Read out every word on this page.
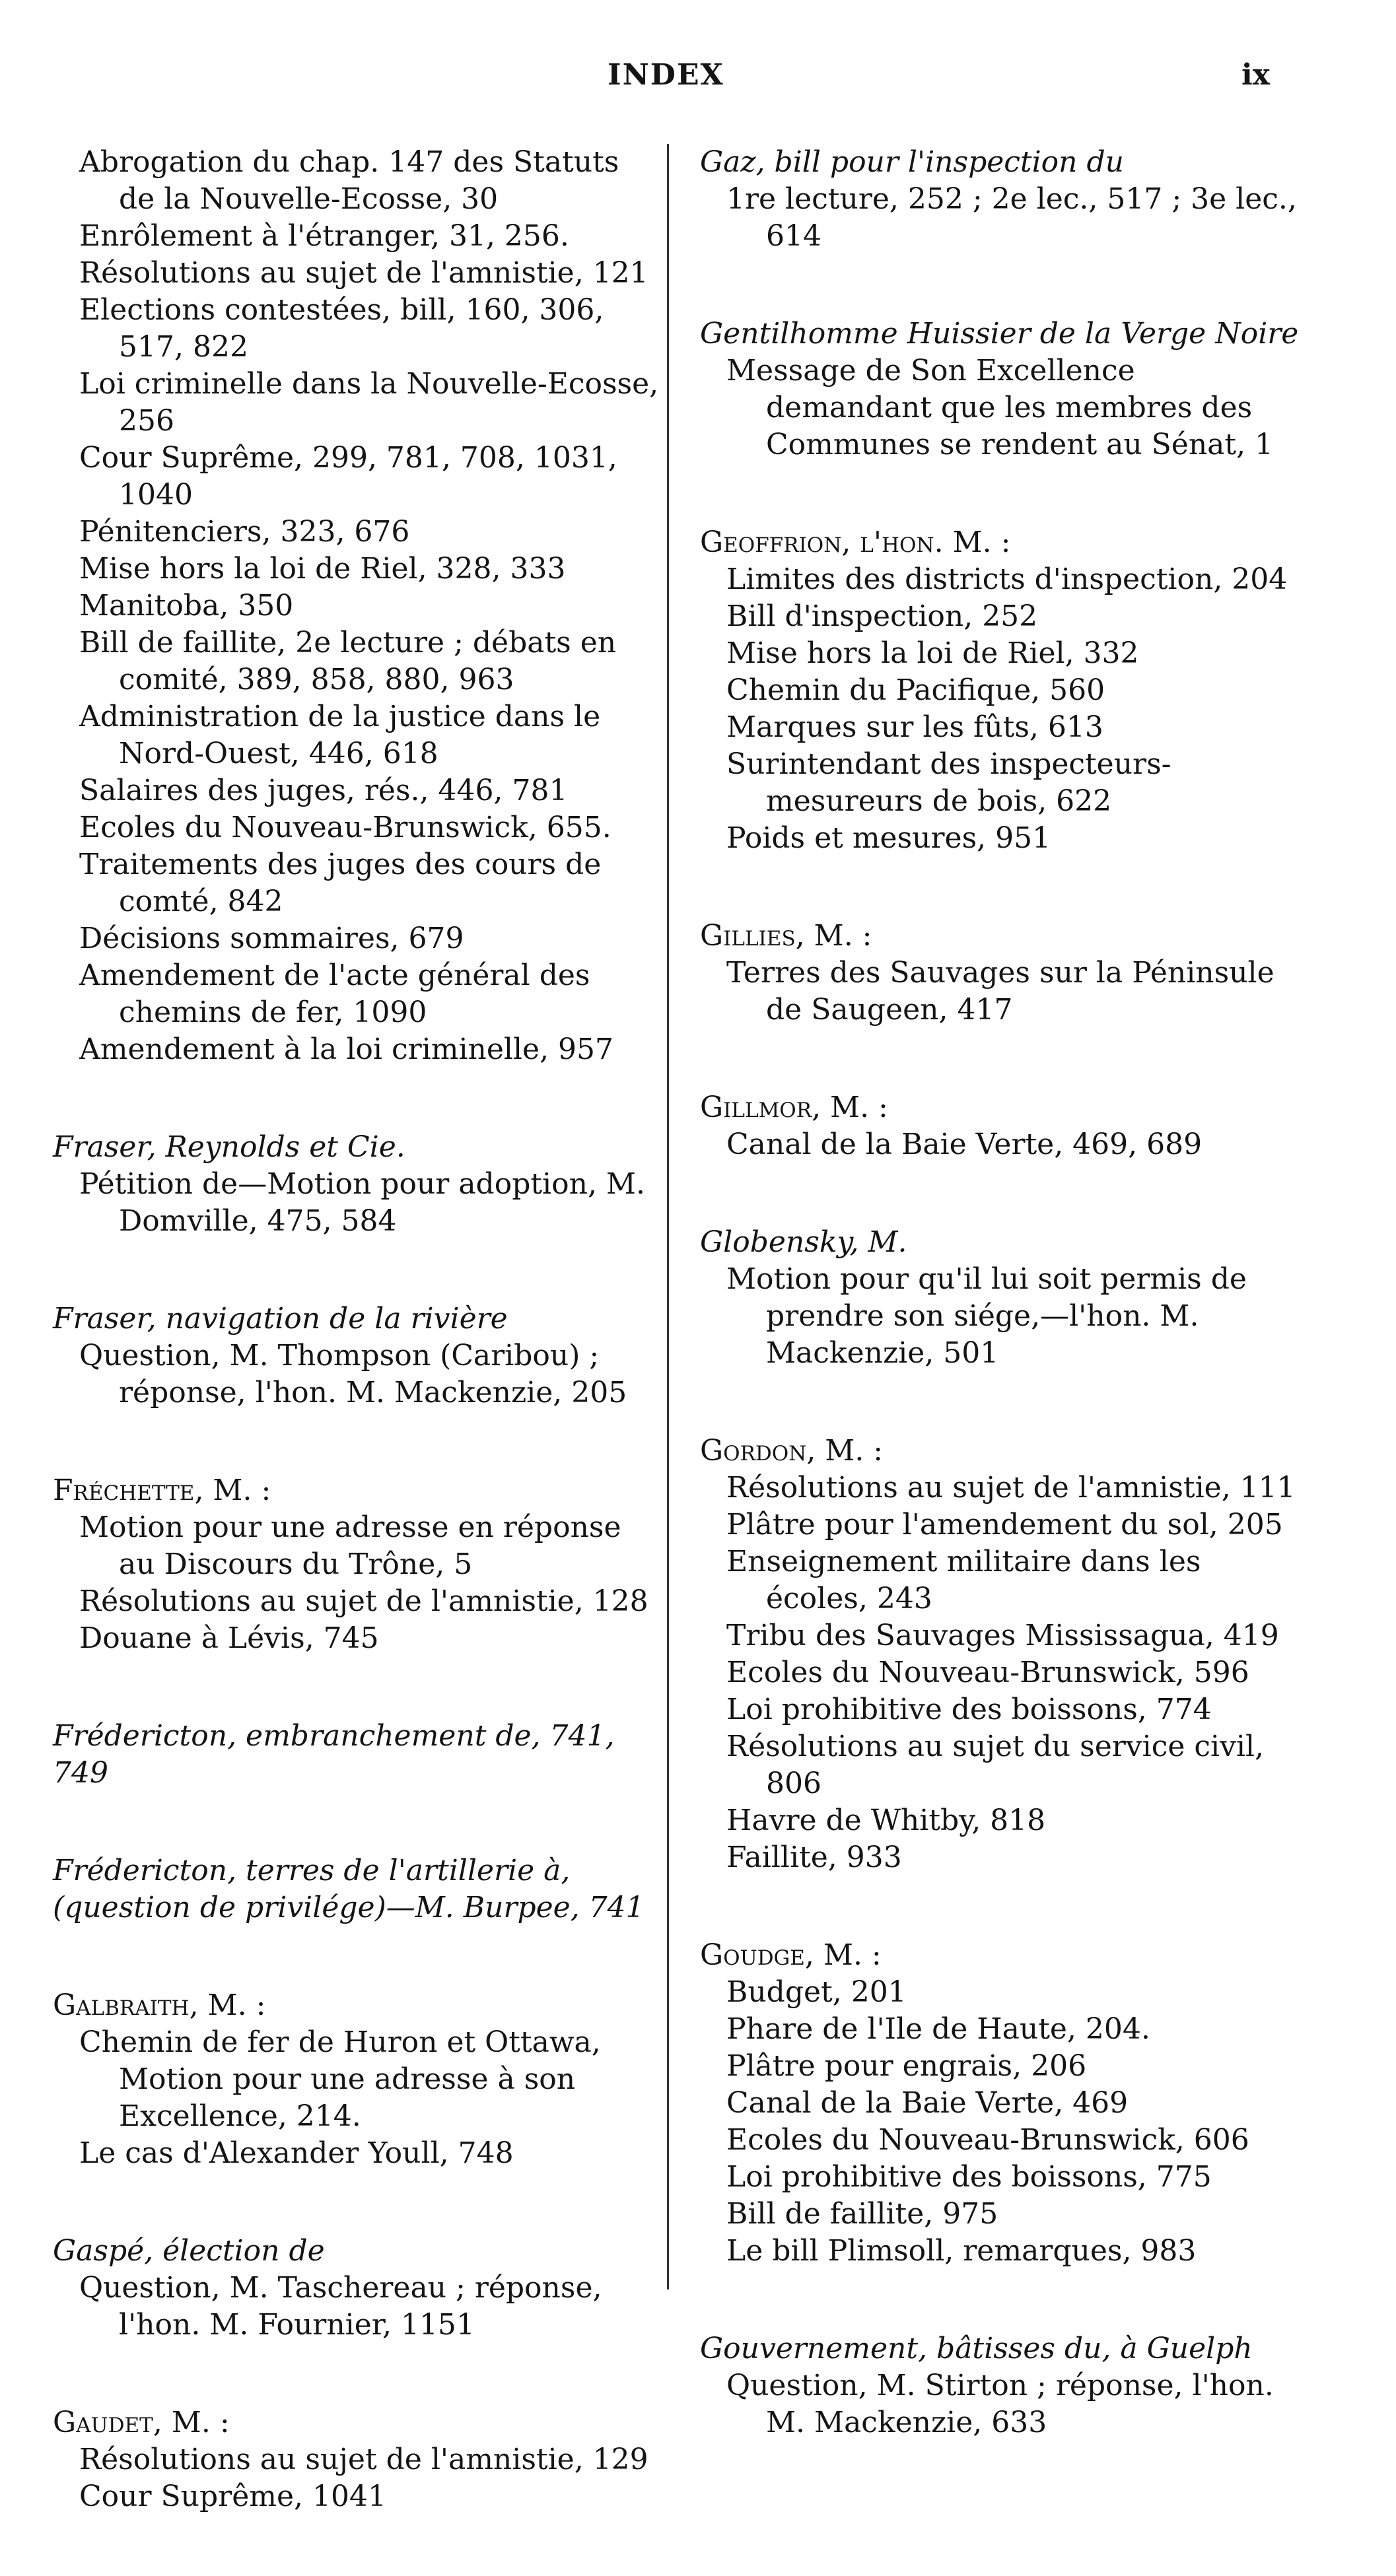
INDEX	ix
Abrogation du chap. 147 des Statuts de la Nouvelle-Ecosse, 30
Enrôlement à l'étranger, 31, 256.
Résolutions au sujet de l'amnistie, 121
Elections contestées, bill, 160, 306, 517, 822
Loi criminelle dans la Nouvelle-Ecosse, 256
Cour Suprême, 299, 781, 708, 1031, 1040
Pénitenciers, 323, 676
Mise hors la loi de Riel, 328, 333
Manitoba, 350
Bill de faillite, 2e lecture ; débats en comité, 389, 858, 880, 963
Administration de la justice dans le Nord-Ouest, 446, 618
Salaires des juges, rés., 446, 781
Ecoles du Nouveau-Brunswick, 655.
Traitements des juges des cours de comté, 842
Décisions sommaires, 679
Amendement de l'acte général des chemins de fer, 1090
Amendement à la loi criminelle, 957
Fraser, Reynolds et Cie.
Pétition de—Motion pour adoption, M. Domville, 475, 584
Fraser, navigation de la rivière
Question, M. Thompson (Caribou) ; réponse, l'hon. M. Mackenzie, 205
Fréchette, M. :
Motion pour une adresse en réponse au Discours du Trône, 5
Résolutions au sujet de l'amnistie, 128
Douane à Lévis, 745
Frédericton, embranchement de, 741, 749
Frédericton, terres de l'artillerie à, (question de privilége)—M. Burpee, 741
Galbraith, M. :
Chemin de fer de Huron et Ottawa, Motion pour une adresse à son Excellence, 214.
Le cas d'Alexander Youll, 748
Gaspé, élection de
Question, M. Taschereau ; réponse, l'hon. M. Fournier, 1151
Gaudet, M. :
Résolutions au sujet de l'amnistie, 129
Cour Suprême, 1041
Gaz, bill pour l'inspection du
1re lecture, 252 ; 2e lec., 517 ; 3e lec., 614
Gentilhomme Huissier de la Verge Noire
Message de Son Excellence demandant que les membres des Communes se rendent au Sénat, 1
Geoffrion, l'hon. M. :
Limites des districts d'inspection, 204
Bill d'inspection, 252
Mise hors la loi de Riel, 332
Chemin du Pacifique, 560
Marques sur les fûts, 613
Surintendant des inspecteurs-mesureurs de bois, 622
Poids et mesures, 951
Gillies, M. :
Terres des Sauvages sur la Péninsule de Saugeen, 417
Gillmor, M. :
Canal de la Baie Verte, 469, 689
Globensky, M.
Motion pour qu'il lui soit permis de prendre son siége,—l'hon. M. Mackenzie, 501
Gordon, M. :
Résolutions au sujet de l'amnistie, 111
Plâtre pour l'amendement du sol, 205
Enseignement militaire dans les écoles, 243
Tribu des Sauvages Mississagua, 419
Ecoles du Nouveau-Brunswick, 596
Loi prohibitive des boissons, 774
Résolutions au sujet du service civil, 806
Havre de Whitby, 818
Faillite, 933
Goudge, M. :
Budget, 201
Phare de l'Ile de Haute, 204.
Plâtre pour engrais, 206
Canal de la Baie Verte, 469
Ecoles du Nouveau-Brunswick, 606
Loi prohibitive des boissons, 775
Bill de faillite, 975
Le bill Plimsoll, remarques, 983
Gouvernement, bâtisses du, à Guelph
Question, M. Stirton ; réponse, l'hon. M. Mackenzie, 633
